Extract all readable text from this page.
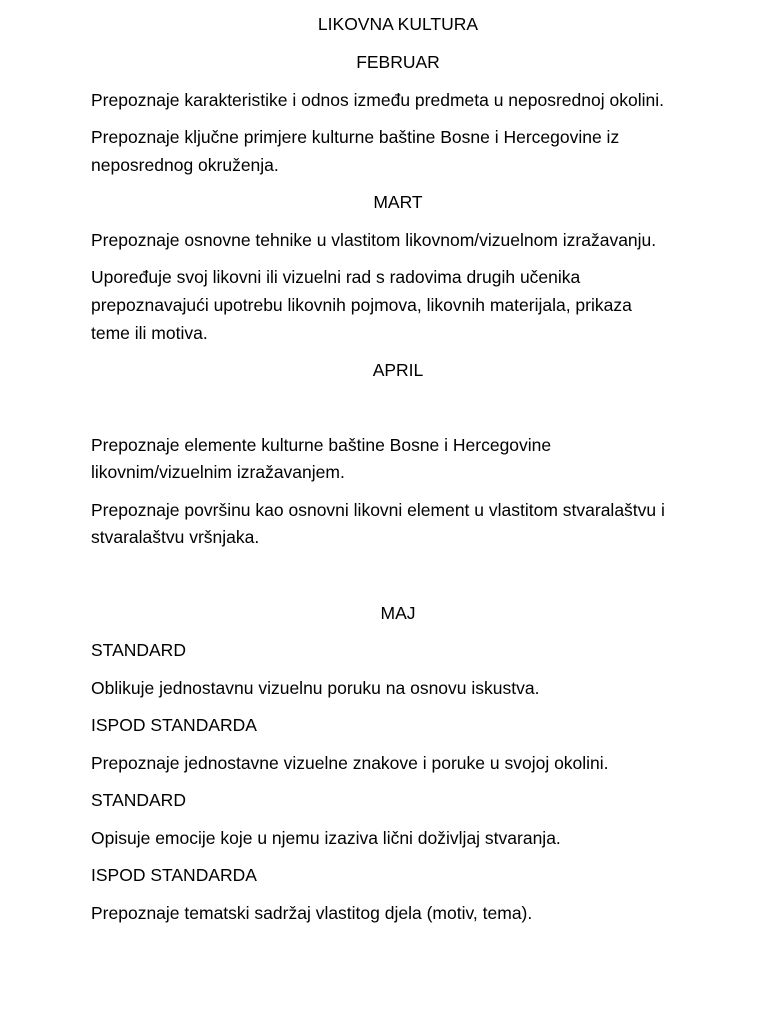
LIKOVNA KULTURA
FEBRUAR
Prepoznaje karakteristike i odnos između predmeta u neposrednoj okolini.
Prepoznaje ključne primjere kulturne baštine Bosne i Hercegovine iz
neposrednog okruženja.
MART
Prepoznaje osnovne tehnike u vlastitom likovnom/vizuelnom izražavanju.
Upoređuje svoj likovni ili vizuelni rad s radovima drugih učenika
prepoznavajući upotrebu likovnih pojmova, likovnih materijala, prikaza
teme ili motiva.
APRIL
Prepoznaje elemente kulturne baštine Bosne i Hercegovine
likovnim/vizuelnim izražavanjem.
Prepoznaje površinu kao osnovni likovni element u vlastitom stvaralaštvu i
stvaralaštvu vršnjaka.
MAJ
STANDARD
Oblikuje jednostavnu vizuelnu poruku na osnovu iskustva.
ISPOD STANDARDA
Prepoznaje jednostavne vizuelne znakove i poruke u svojoj okolini.
STANDARD
Opisuje emocije koje u njemu izaziva lični doživljaj stvaranja.
ISPOD STANDARDA
Prepoznaje tematski sadržaj vlastitog djela (motiv, tema).
